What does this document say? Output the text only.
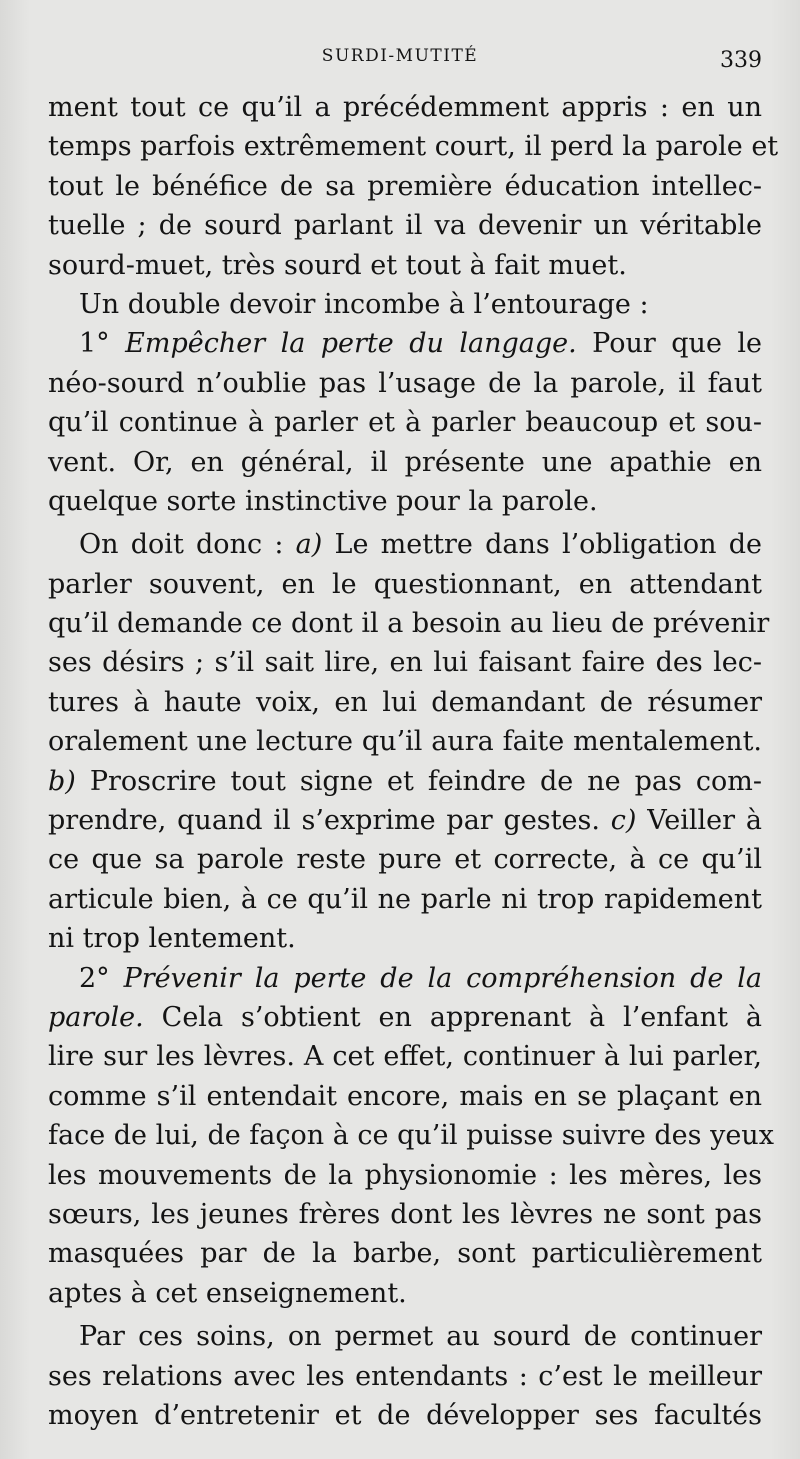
SURDI-MUTITÉ	339
ment tout ce qu’il a précédemment appris : en un
temps parfois extrêmement court, il perd la parole et
tout le bénéfice de sa première éducation intellec-
tuelle ; de sourd parlant il va devenir un véritable
sourd-muet, très sourd et tout à fait muet.
Un double devoir incombe à l’entourage :
1° Empêcher la perte du langage. Pour que le
néo-sourd n’oublie pas l’usage de la parole, il faut
qu’il continue à parler et à parler beaucoup et sou-
vent. Or, en général, il présente une apathie en
quelque sorte instinctive pour la parole.
On doit donc : a) Le mettre dans l’obligation de
parler souvent, en le questionnant, en attendant
qu’il demande ce dont il a besoin au lieu de prévenir
ses désirs ; s’il sait lire, en lui faisant faire des lec-
tures à haute voix, en lui demandant de résumer
oralement une lecture qu’il aura faite mentalement.
b) Proscrire tout signe et feindre de ne pas com-
prendre, quand il s’exprime par gestes. c) Veiller à
ce que sa parole reste pure et correcte, à ce qu’il
articule bien, à ce qu’il ne parle ni trop rapidement
ni trop lentement.
2° Prévenir la perte de la compréhension de la
parole. Cela s’obtient en apprenant à l’enfant à
lire sur les lèvres. A cet effet, continuer à lui parler,
comme s’il entendait encore, mais en se plaçant en
face de lui, de façon à ce qu’il puisse suivre des yeux
les mouvements de la physionomie : les mères, les
sœurs, les jeunes frères dont les lèvres ne sont pas
masquées par de la barbe, sont particulièrement
aptes à cet enseignement.
Par ces soins, on permet au sourd de continuer
ses relations avec les entendants : c’est le meilleur
moyen d’entretenir et de développer ses facultés
